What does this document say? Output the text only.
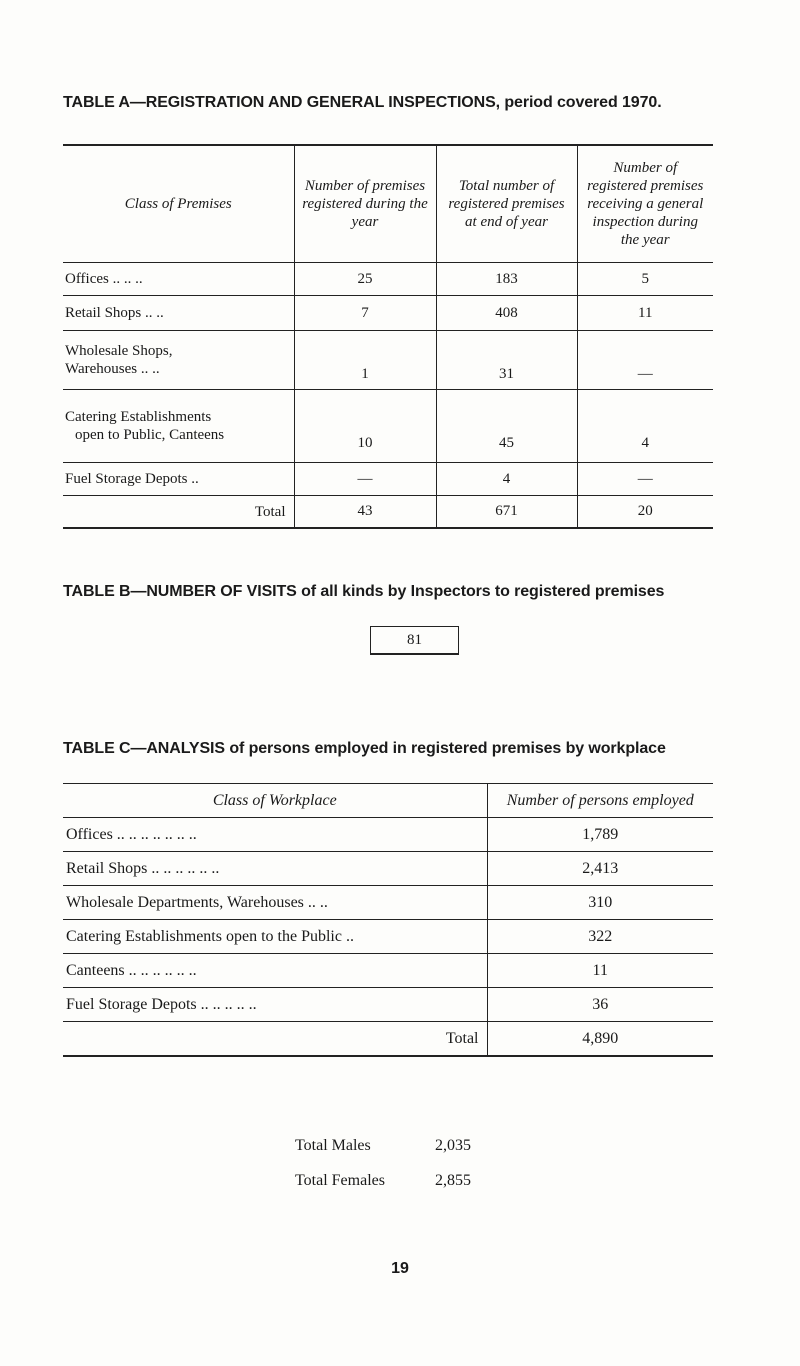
TABLE A—REGISTRATION AND GENERAL INSPECTIONS, period covered 1970.
Class of Premises	Number of premises registered during the year	Total number of registered premises at end of year	Number of registered premises receiving a general inspection during the year
Offices .. .. ..	25	183	5
Retail Shops .. ..	7	408	11

Wholesale Shops,
Warehouses .. ..	1	31	—

Catering Establishments
open to Public, Canteens	10	45	4
Fuel Storage Depots ..	—	4	—
Total	43	671	20
TABLE B—NUMBER OF VISITS of all kinds by Inspectors to registered premises
81
TABLE C—ANALYSIS of persons employed in registered premises by workplace
Class of Workplace	Number of persons employed
Offices .. .. .. .. .. .. ..	1,789
Retail Shops .. .. .. .. .. ..	2,413
Wholesale Departments, Warehouses .. ..	310
Catering Establishments open to the Public ..	322
Canteens .. .. .. .. .. ..	11
Fuel Storage Depots .. .. .. .. ..	36
Total	4,890
Total Males	2,035
Total Females	2,855
19
